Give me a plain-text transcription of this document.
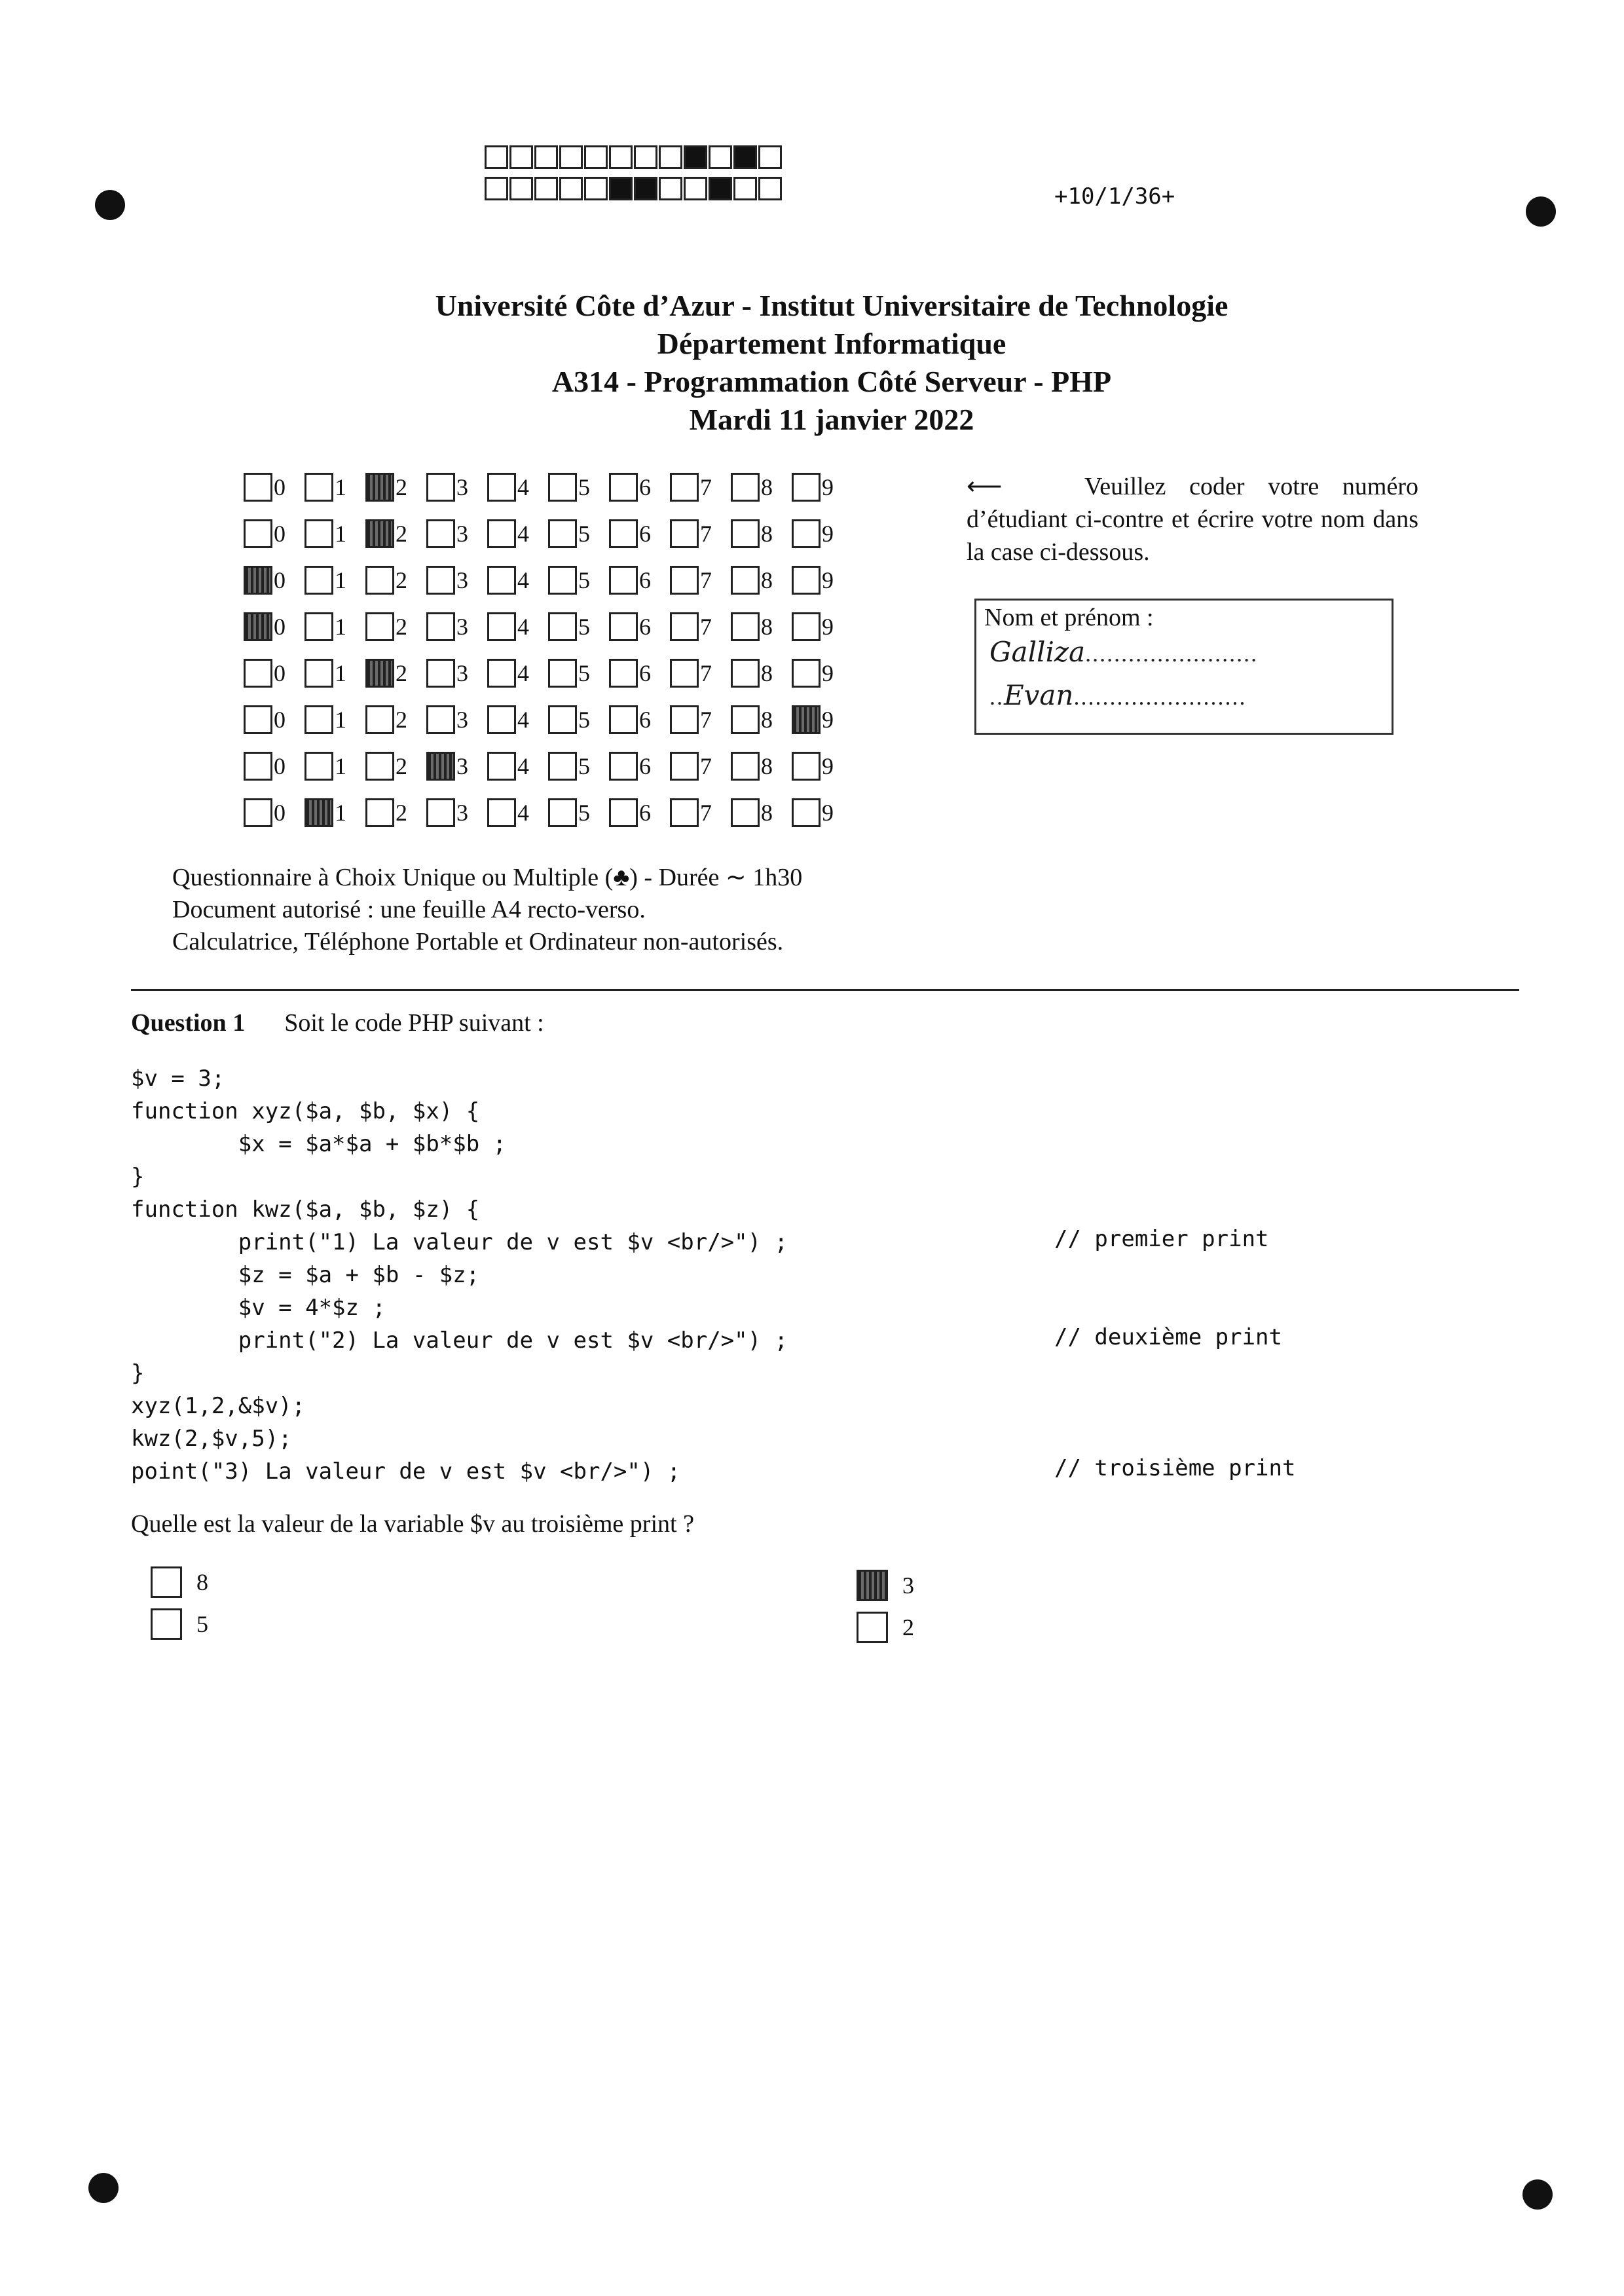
+10/1/36+
Université Côte d’Azur - Institut Universitaire de Technologie
Département Informatique
A314 - Programmation Côté Serveur - PHP
Mardi 11 janvier 2022
0 1 2 3 4 5 6 7 8 9
0 1 2 3 4 5 6 7 8 9
0 1 2 3 4 5 6 7 8 9
0 1 2 3 4 5 6 7 8 9
0 1 2 3 4 5 6 7 8 9
0 1 2 3 4 5 6 7 8 9
0 1 2 3 4 5 6 7 8 9
0 1 2 3 4 5 6 7 8 9
⟵	Veuillez coder votre numéro d’étudiant ci-contre et écrire votre nom dans la case ci-dessous.
Nom et prénom :
Galliza........................
..Evan........................
Questionnaire à Choix Unique ou Multiple (♣) - Durée ∼ 1h30
Document autorisé : une feuille A4 recto-verso.
Calculatrice, Téléphone Portable et Ordinateur non-autorisés.
Question 1 Soit le code PHP suivant :
$v = 3;
function xyz($a, $b, $x) {
$x = $a*$a + $b*$b ;
}
function kwz($a, $b, $z) {
print("1) La valeur de v est $v <br/>") ;
$z = $a + $b - $z;
$v = 4*$z ;
print("2) La valeur de v est $v <br/>") ;
}
xyz(1,2,&$v);
kwz(2,$v,5);
point("3) La valeur de v est $v <br/>") ;
// premier print
// deuxième print
// troisième print
Quelle est la valeur de la variable $v au troisième print ?
8
5
3
2
